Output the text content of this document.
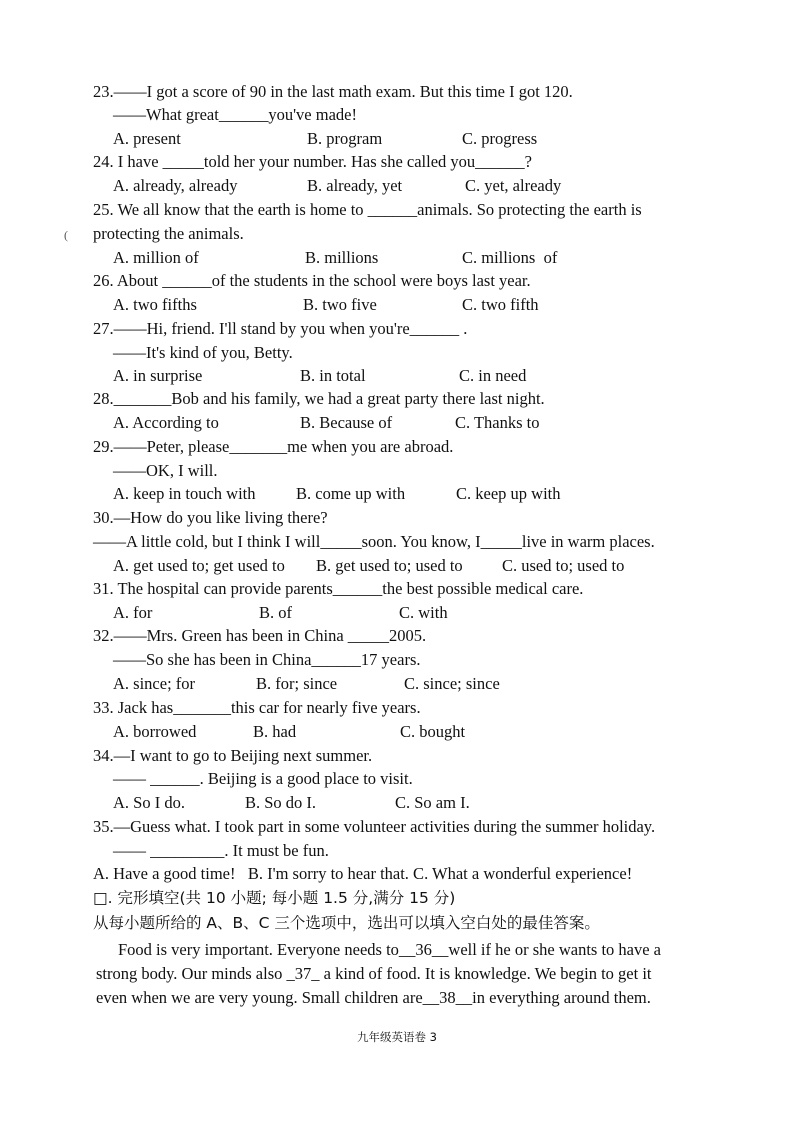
23.——I got a score of 90 in the last math exam. But this time I got 120.
——What great______you've made!
A. present	B. program	C. progress
24. I have _____told her your number. Has she called you______?
A. already, already	B. already, yet	C. yet, already
25. We all know that the earth is home to ______animals. So protecting the earth is
( protecting the animals.
A. million of	B. millions	C. millions  of
26. About ______of the students in the school were boys last year.
A. two fifths	B. two five	C. two fifth
27.——Hi, friend. I'll stand by you when you're______ .
——It's kind of you, Betty.
A. in surprise	B. in total	C. in need
28._______Bob and his family, we had a great party there last night.
A. According to	B. Because of	C. Thanks to
29.——Peter, please_______me when you are abroad.
——OK, I will.
A. keep in touch with B. come up with	C. keep up with
30.—How do you like living there?
——A little cold, but I think I will_____soon. You know, I_____live in warm places.
A. get used to; get used to B. get used to; used to C. used to; used to
31. The hospital can provide parents______the best possible medical care.
A. for	B. of	C. with
32.——Mrs. Green has been in China _____2005.
——So she has been in China______17 years.
A. since; for	B. for; since	C. since; since
33. Jack has_______this car for nearly five years.
A. borrowed	B. had	C. bought
34.—I want to go to Beijing next summer.
—— ______. Beijing is a good place to visit.
A. So I do.	B. So do I.	C. So am I.
35.—Guess what. I took part in some volunteer activities during the summer holiday.
—— _________. It must be fun.
A. Have a good time!   B. I'm sorry to hear that. C. What a wonderful experience!
□. 完形填空(共 10 小题; 每小题 1.5 分,满分 15 分)
从每小题所给的 A、B、C 三个选项中，选出可以填入空白处的最佳答案。
Food is very important. Everyone needs to__36__well if he or she wants to have a
strong body. Our minds also _37_ a kind of food. It is knowledge. We begin to get it
even when we are very young. Small children are__38__in everything around them.
九年级英语卷 3
